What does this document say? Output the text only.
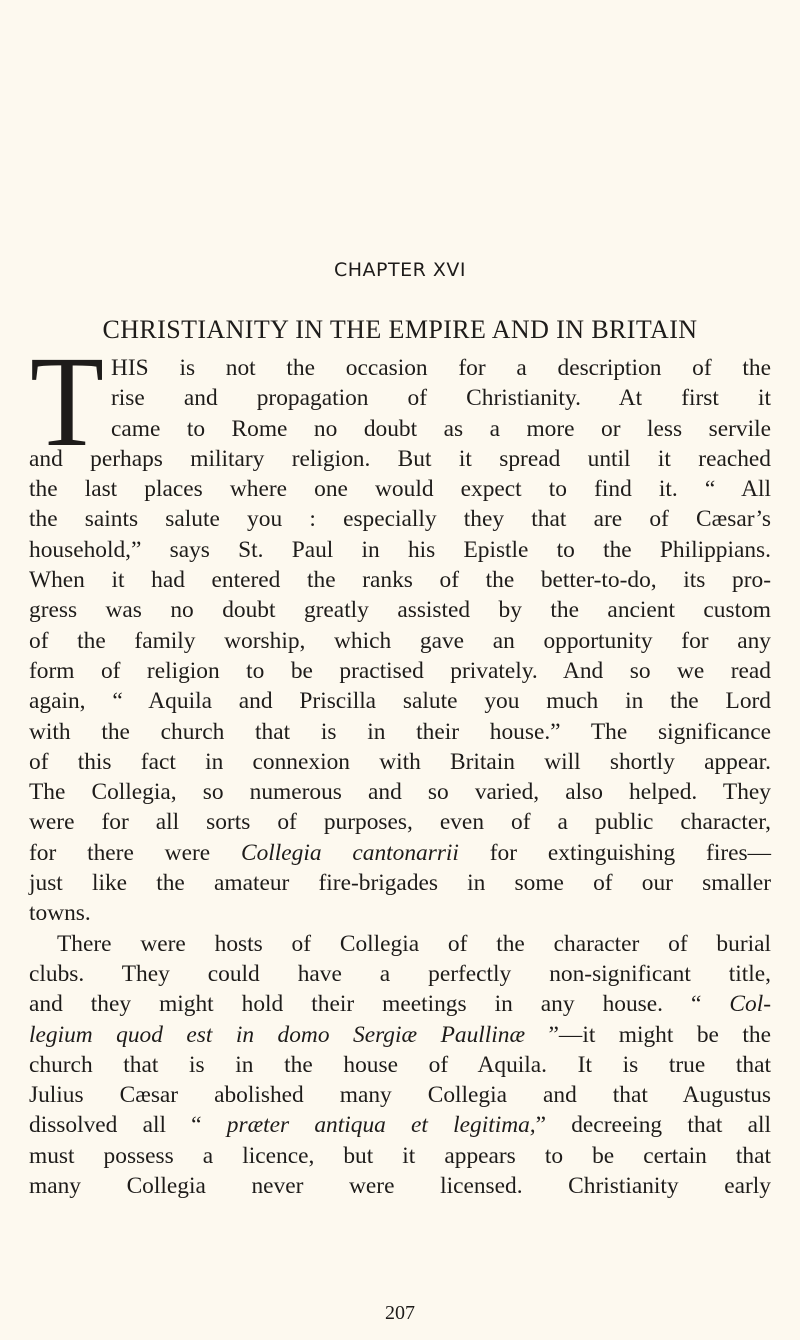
CHAPTER XVI
CHRISTIANITY IN THE EMPIRE AND IN BRITAIN
T HIS is not the occasion for a description of the
rise and propagation of Christianity. At first it
came to Rome no doubt as a more or less servile
and perhaps military religion. But it spread until it reached
the last places where one would expect to find it. “ All
the saints salute you : especially they that are of Cæsar’s
household,” says St. Paul in his Epistle to the Philippians.
When it had entered the ranks of the better-to-do, its pro-
gress was no doubt greatly assisted by the ancient custom
of the family worship, which gave an opportunity for any
form of religion to be practised privately. And so we read
again, “ Aquila and Priscilla salute you much in the Lord
with the church that is in their house.” The significance
of this fact in connexion with Britain will shortly appear.
The Collegia, so numerous and so varied, also helped. They
were for all sorts of purposes, even of a public character,
for there were Collegia cantonarrii for extinguishing fires—
just like the amateur fire-brigades in some of our smaller
towns.
There were hosts of Collegia of the character of burial
clubs. They could have a perfectly non-significant title,
and they might hold their meetings in any house. “ Col-
legium quod est in domo Sergiæ Paullinæ ”—it might be the
church that is in the house of Aquila. It is true that
Julius Cæsar abolished many Collegia and that Augustus
dissolved all “ præter antiqua et legitima,” decreeing that all
must possess a licence, but it appears to be certain that
many Collegia never were licensed. Christianity early
207
